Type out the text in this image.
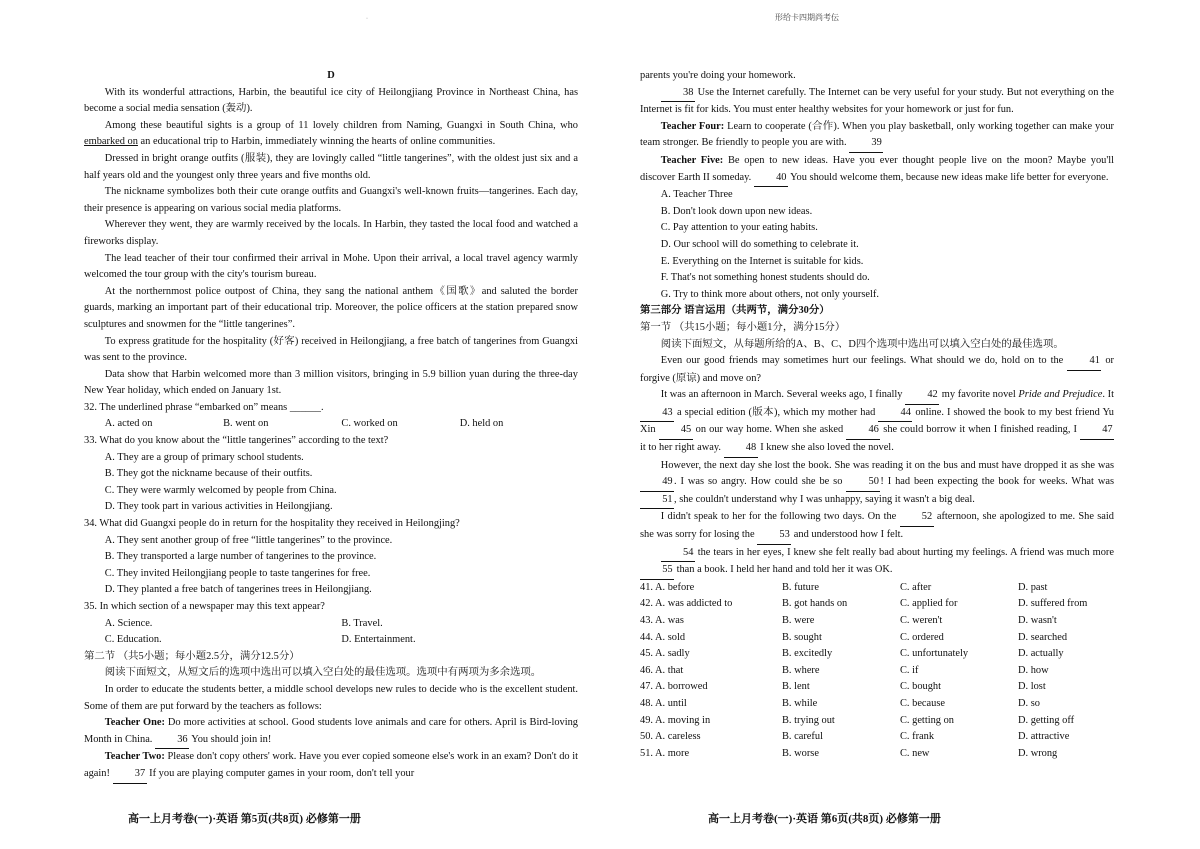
·

D

With its wonderful attractions, Harbin, the beautiful ice city of Heilongjiang Province in Northeast China, has become a social media sensation (轰动).

Among these beautiful sights is a group of 11 lovely children from Naming, Guangxi in South China, who embarked on an educational trip to Harbin, immediately winning the hearts of online communities.

Dressed in bright orange outfits (服装), they are lovingly called “little tangerines”, with the oldest just six and a half years old and the youngest only three years and five months old.

The nickname symbolizes both their cute orange outfits and Guangxi's well-known fruits—tangerines. Each day, their presence is appearing on various social media platforms.

Wherever they went, they are warmly received by the locals. In Harbin, they tasted the local food and watched a fireworks display.

The lead teacher of their tour confirmed their arrival in Mohe. Upon their arrival, a local travel agency warmly welcomed the tour group with the city's tourism bureau.

At the northernmost police outpost of China, they sang the national anthem《国歌》and saluted the border guards, marking an important part of their educational trip. Moreover, the police officers at the station prepared snow sculptures and snowmen for the “little tangerines”.

To express gratitude for the hospitality (好客) received in Heilongjiang, a free batch of tangerines from Guangxi was sent to the province.

Data show that Harbin welcomed more than 3 million visitors, bringing in 5.9 billion yuan during the three-day New Year holiday, which ended on January 1st.

32. The underlined phrase “embarked on” means ______.

A. acted on	B. went on	C. worked on	D. held on

33. What do you know about the “little tangerines” according to the text?

A. They are a group of primary school students.

B. They got the nickname because of their outfits.

C. They were warmly welcomed by people from China.

D. They took part in various activities in Heilongjiang.

34. What did Guangxi people do in return for the hospitality they received in Heilongjing?

A. They sent another group of free “little tangerines” to the province.

B. They transported a large number of tangerines to the province.

C. They invited Heilongjiang people to taste tangerines for free.

D. They planted a free batch of tangerines trees in Heilongjiang.

35. In which section of a newspaper may this text appear?

A. Science.	B. Travel.
C. Education.	D. Entertainment.

第二节 （共5小题；每小题2.5分，满分12.5分）

阅读下面短文，从短文后的选项中选出可以填入空白处的最佳选项。选项中有两项为多余选项。

In order to educate the students better, a middle school develops new rules to decide who is the excellent student. Some of them are put forward by the teachers as follows:

Teacher One: Do more activities at school. Good students love animals and care for others. April is Bird-loving Month in China. 36 You should join in!

Teacher Two: Please don't copy others' work. Have you ever copied someone else's work in an exam? Don't do it again! 37 If you are playing computer games in your room, don't tell your

高一上月考卷(一)·英语 第5页(共8页) 必修第一册
形给卡四期尚考伝

parents you're doing your homework.

38 Use the Internet carefully. The Internet can be very useful for your study. But not everything on the Internet is fit for kids. You must enter healthy websites for your homework or just for fun.

Teacher Four: Learn to cooperate (合作). When you play basketball, only working together can make your team stronger. Be friendly to people you are with. 39

Teacher Five: Be open to new ideas. Have you ever thought people live on the moon? Maybe you'll discover Earth II someday. 40 You should welcome them, because new ideas make life better for everyone.

A. Teacher Three

B. Don't look down upon new ideas.

C. Pay attention to your eating habits.

D. Our school will do something to celebrate it.

E. Everything on the Internet is suitable for kids.

F. That's not something honest students should do.

G. Try to think more about others, not only yourself.

第三部分 语言运用（共两节，满分30分）

第一节 （共15小题；每小题1分，满分15分）

阅读下面短文，从每题所给的A、B、C、D四个选项中选出可以填入空白处的最佳选项。

Even our good friends may sometimes hurt our feelings. What should we do, hold on to the 41 or forgive (原谅) and move on?

It was an afternoon in March. Several weeks ago, I finally 42 my favorite novel Pride and Prejudice. It 43 a special edition (版本), which my mother had 44 online. I showed the book to my best friend Yu Xin 45 on our way home. When she asked 46 she could borrow it when I finished reading, I 47 it to her right away. 48 I knew she also loved the novel.

However, the next day she lost the book. She was reading it on the bus and must have dropped it as she was 49. I was so angry. How could she be so 50! I had been expecting the book for weeks. What was 51, she couldn't understand why I was unhappy, saying it wasn't a big deal.

I didn't speak to her for the following two days. On the 52 afternoon, she apologized to me. She said she was sorry for losing the 53 and understood how I felt.

54 the tears in her eyes, I knew she felt really bad about hurting my feelings. A friend was much more 55 than a book. I held her hand and told her it was OK.

41. A. before	B. future	C. after	D. past
42. A. was addicted to	B. got hands on	C. applied for	D. suffered from
43. A. was	B. were	C. weren't	D. wasn't
44. A. sold	B. sought	C. ordered	D. searched
45. A. sadly	B. excitedly	C. unfortunately	D. actually
46. A. that	B. where	C. if	D. how
47. A. borrowed	B. lent	C. bought	D. lost
48. A. until	B. while	C. because	D. so
49. A. moving in	B. trying out	C. getting on	D. getting off
50. A. careless	B. careful	C. frank	D. attractive
51. A. more	B. worse	C. new	D. wrong
高一上月考卷(一)·英语 第6页(共8页) 必修第一册
